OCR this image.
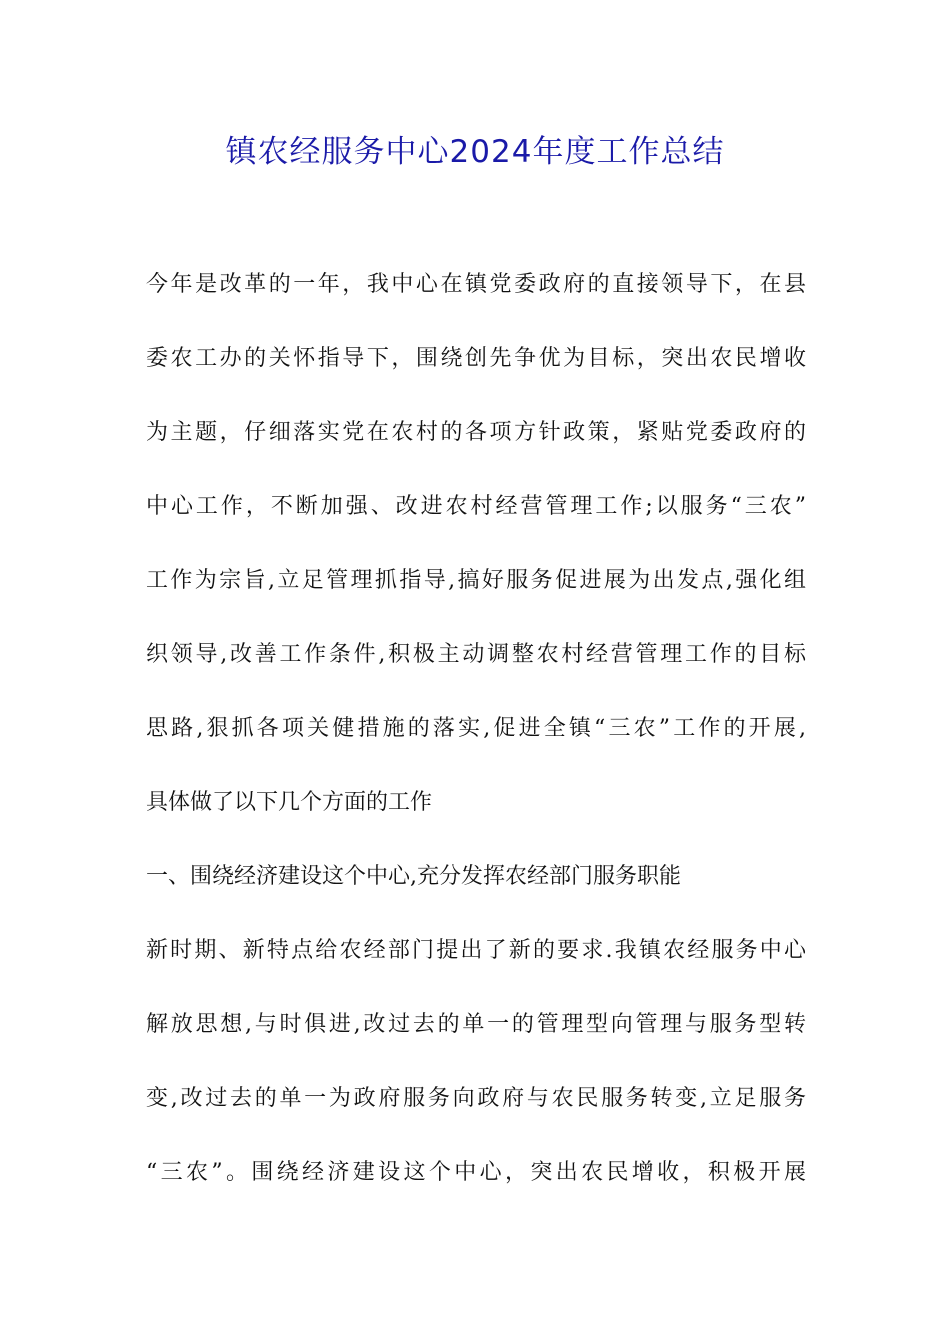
镇农经服务中心2024年度工作总结
今年是改革的一年，我中心在镇党委政府的直接领导下，在县
委农工办的关怀指导下，围绕创先争优为目标，突出农民增收
为主题，仔细落实党在农村的各项方针政策，紧贴党委政府的
中心工作，不断加强、改进农村经营管理工作;以服务“三农”
工作为宗旨,立足管理抓指导,搞好服务促进展为出发点,强化组
织领导,改善工作条件,积极主动调整农村经营管理工作的目标
思路,狠抓各项关健措施的落实,促进全镇“三农”工作的开展,
具体做了以下几个方面的工作
一、围绕经济建设这个中心,充分发挥农经部门服务职能
新时期、新特点给农经部门提出了新的要求.我镇农经服务中心
解放思想,与时俱进,改过去的单一的管理型向管理与服务型转
变,改过去的单一为政府服务向政府与农民服务转变,立足服务
“三农”。围绕经济建设这个中心，突出农民增收，积极开展
